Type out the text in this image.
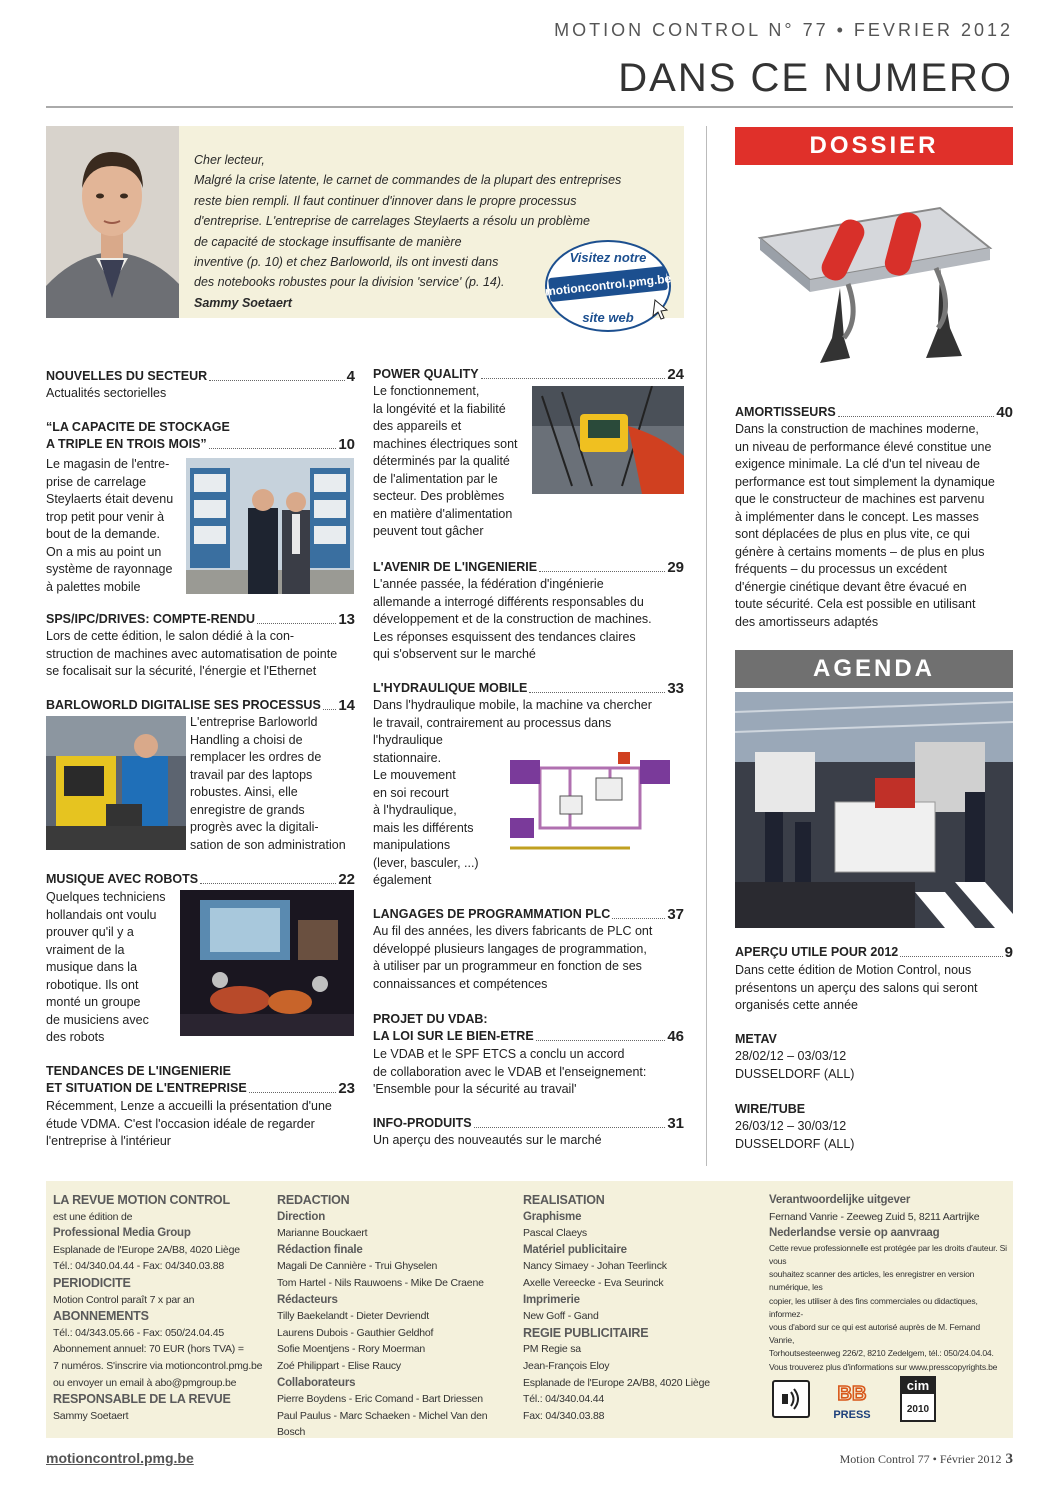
MOTION CONTROL N° 77 • FEVRIER 2012
DANS CE NUMERO
Cher lecteur,
Malgré la crise latente, le carnet de commandes de la plupart des entreprises
reste bien rempli. Il faut continuer d'innover dans le propre processus
d'entreprise. L'entreprise de carrelages Steylaerts a résolu un problème
de capacité de stockage insuffisante de manière
inventive (p. 10) et chez Barloworld, ils ont investi dans
des notebooks robustes pour la division 'service' (p. 14).
Sammy Soetaert
Visitez notre
motioncontrol.pmg.be
site web
NOUVELLES DU SECTEUR	4
Actualités sectorielles
“LA CAPACITE DE STOCKAGE
A TRIPLE EN TROIS MOIS”	10
Le magasin de l'entre-
prise de carrelage
Steylaerts était devenu
trop petit pour venir à
bout de la demande.
On a mis au point un
système de rayonnage
à palettes mobile
SPS/IPC/DRIVES: COMPTE-RENDU	13
Lors de cette édition, le salon dédié à la con-
struction de machines avec automatisation de pointe
se focalisait sur la sécurité, l'énergie et l'Ethernet
BARLOWORLD DIGITALISE SES PROCESSUS 14
L'entreprise Barloworld
Handling a choisi de
remplacer les ordres de
travail par des laptops
robustes. Ainsi, elle
enregistre de grands
progrès avec la digitali-
sation de son administration
MUSIQUE AVEC ROBOTS	22
Quelques techniciens
hollandais ont voulu
prouver qu'il y a
vraiment de la
musique dans la
robotique. Ils ont
monté un groupe
de musiciens avec
des robots
TENDANCES DE L'INGENIERIE
ET SITUATION DE L'ENTREPRISE	23
Récemment, Lenze a accueilli la présentation d'une
étude VDMA. C'est l'occasion idéale de regarder
l'entreprise à l'intérieur
POWER QUALITY	24
Le fonctionnement,
la longévité et la fiabilité
des appareils et
machines électriques sont
déterminés par la qualité
de l'alimentation par le
secteur. Des problèmes
en matière d'alimentation
peuvent tout gâcher
L'AVENIR DE L'INGENIERIE	29
L'année passée, la fédération d'ingénierie
allemande a interrogé différents responsables du
développement et de la construction de machines.
Les réponses esquissent des tendances claires
qui s'observent sur le marché
L'HYDRAULIQUE MOBILE	33
Dans l'hydraulique mobile, la machine va chercher
le travail, contrairement au processus dans
l'hydraulique
stationnaire.
Le mouvement
en soi recourt
à l'hydraulique,
mais les différents
manipulations
(lever, basculer, ...)
également
LANGAGES DE PROGRAMMATION PLC	37
Au fil des années, les divers fabricants de PLC ont
développé plusieurs langages de programmation,
à utiliser par un programmeur en fonction de ses
connaissances et compétences
PROJET DU VDAB:
LA LOI SUR LE BIEN-ETRE	46
Le VDAB et le SPF ETCS a conclu un accord
de collaboration avec le VDAB et l'enseignement:
'Ensemble pour la sécurité au travail'
INFO-PRODUITS	31
Un aperçu des nouveautés sur le marché
DOSSIER
AMORTISSEURS	40
Dans la construction de machines moderne,
un niveau de performance élevé constitue une
exigence minimale. La clé d'un tel niveau de
performance est tout simplement la dynamique
que le constructeur de machines est parvenu
à implémenter dans le concept. Les masses
sont déplacées de plus en plus vite, ce qui
génère à certains moments – de plus en plus
fréquents – du processus un excédent
d'énergie cinétique devant être évacué en
toute sécurité. Cela est possible en utilisant
des amortisseurs adaptés
AGENDA
APERÇU UTILE POUR 2012	9
Dans cette édition de Motion Control, nous
présentons un aperçu des salons qui seront
organisés cette année
METAV
28/02/12 – 03/03/12
DUSSELDORF (ALL)
WIRE/TUBE
26/03/12 – 30/03/12
DUSSELDORF (ALL)
LA REVUE MOTION CONTROL
est une édition de
Professional Media Group
Esplanade de l'Europe 2A/B8, 4020 Liège
Tél.: 04/340.04.44 - Fax: 04/340.03.88
PERIODICITE
Motion Control paraît 7 x par an
ABONNEMENTS
Tél.: 04/343.05.66 - Fax: 050/24.04.45
Abonnement annuel: 70 EUR (hors TVA) =
7 numéros. S'inscrire via motioncontrol.pmg.be
ou envoyer un email à abo@pmgroup.be
RESPONSABLE DE LA REVUE
Sammy Soetaert
REDACTION
Direction
Marianne Bouckaert
Rédaction finale
Magali De Cannière - Trui Ghyselen
Tom Hartel - Nils Rauwoens - Mike De Craene
Rédacteurs
Tilly Baekelandt - Dieter Devriendt
Laurens Dubois - Gauthier Geldhof
Sofie Moentjens - Rory Moerman
Zoé Philippart - Elise Raucy
Collaborateurs
Pierre Boydens - Eric Comand - Bart Driessen
Paul Paulus - Marc Schaeken - Michel Van den Bosch
REALISATION
Graphisme
Pascal Claeys
Matériel publicitaire
Nancy Simaey - Johan Teerlinck
Axelle Vereecke - Eva Seurinck
Imprimerie
New Goff - Gand
REGIE PUBLICITAIRE
PM Regie sa
Jean-François Eloy
Esplanade de l'Europe 2A/B8, 4020 Liège
Tél.: 04/340.04.44
Fax: 04/340.03.88
Verantwoordelijke uitgever
Fernand Vanrie - Zeeweg Zuid 5, 8211 Aartrijke
Nederlandse versie op aanvraag
Cette revue professionnelle est protégée par les droits d'auteur. Si vous
souhaitez scanner des articles, les enregistrer en version numérique, les
copier, les utiliser à des fins commerciales ou didactiques, informez-
vous d'abord sur ce qui est autorisé auprès de M. Fernand Vanrie,
Torhoutsesteenweg 226/2, 8210 Zedelgem, tél.: 050/24.04.04.
Vous trouverez plus d'informations sur www.presscopyrights.be
BB
PRESS
cim
2010
motioncontrol.pmg.be	Motion Control 77 • Février 2012 3
